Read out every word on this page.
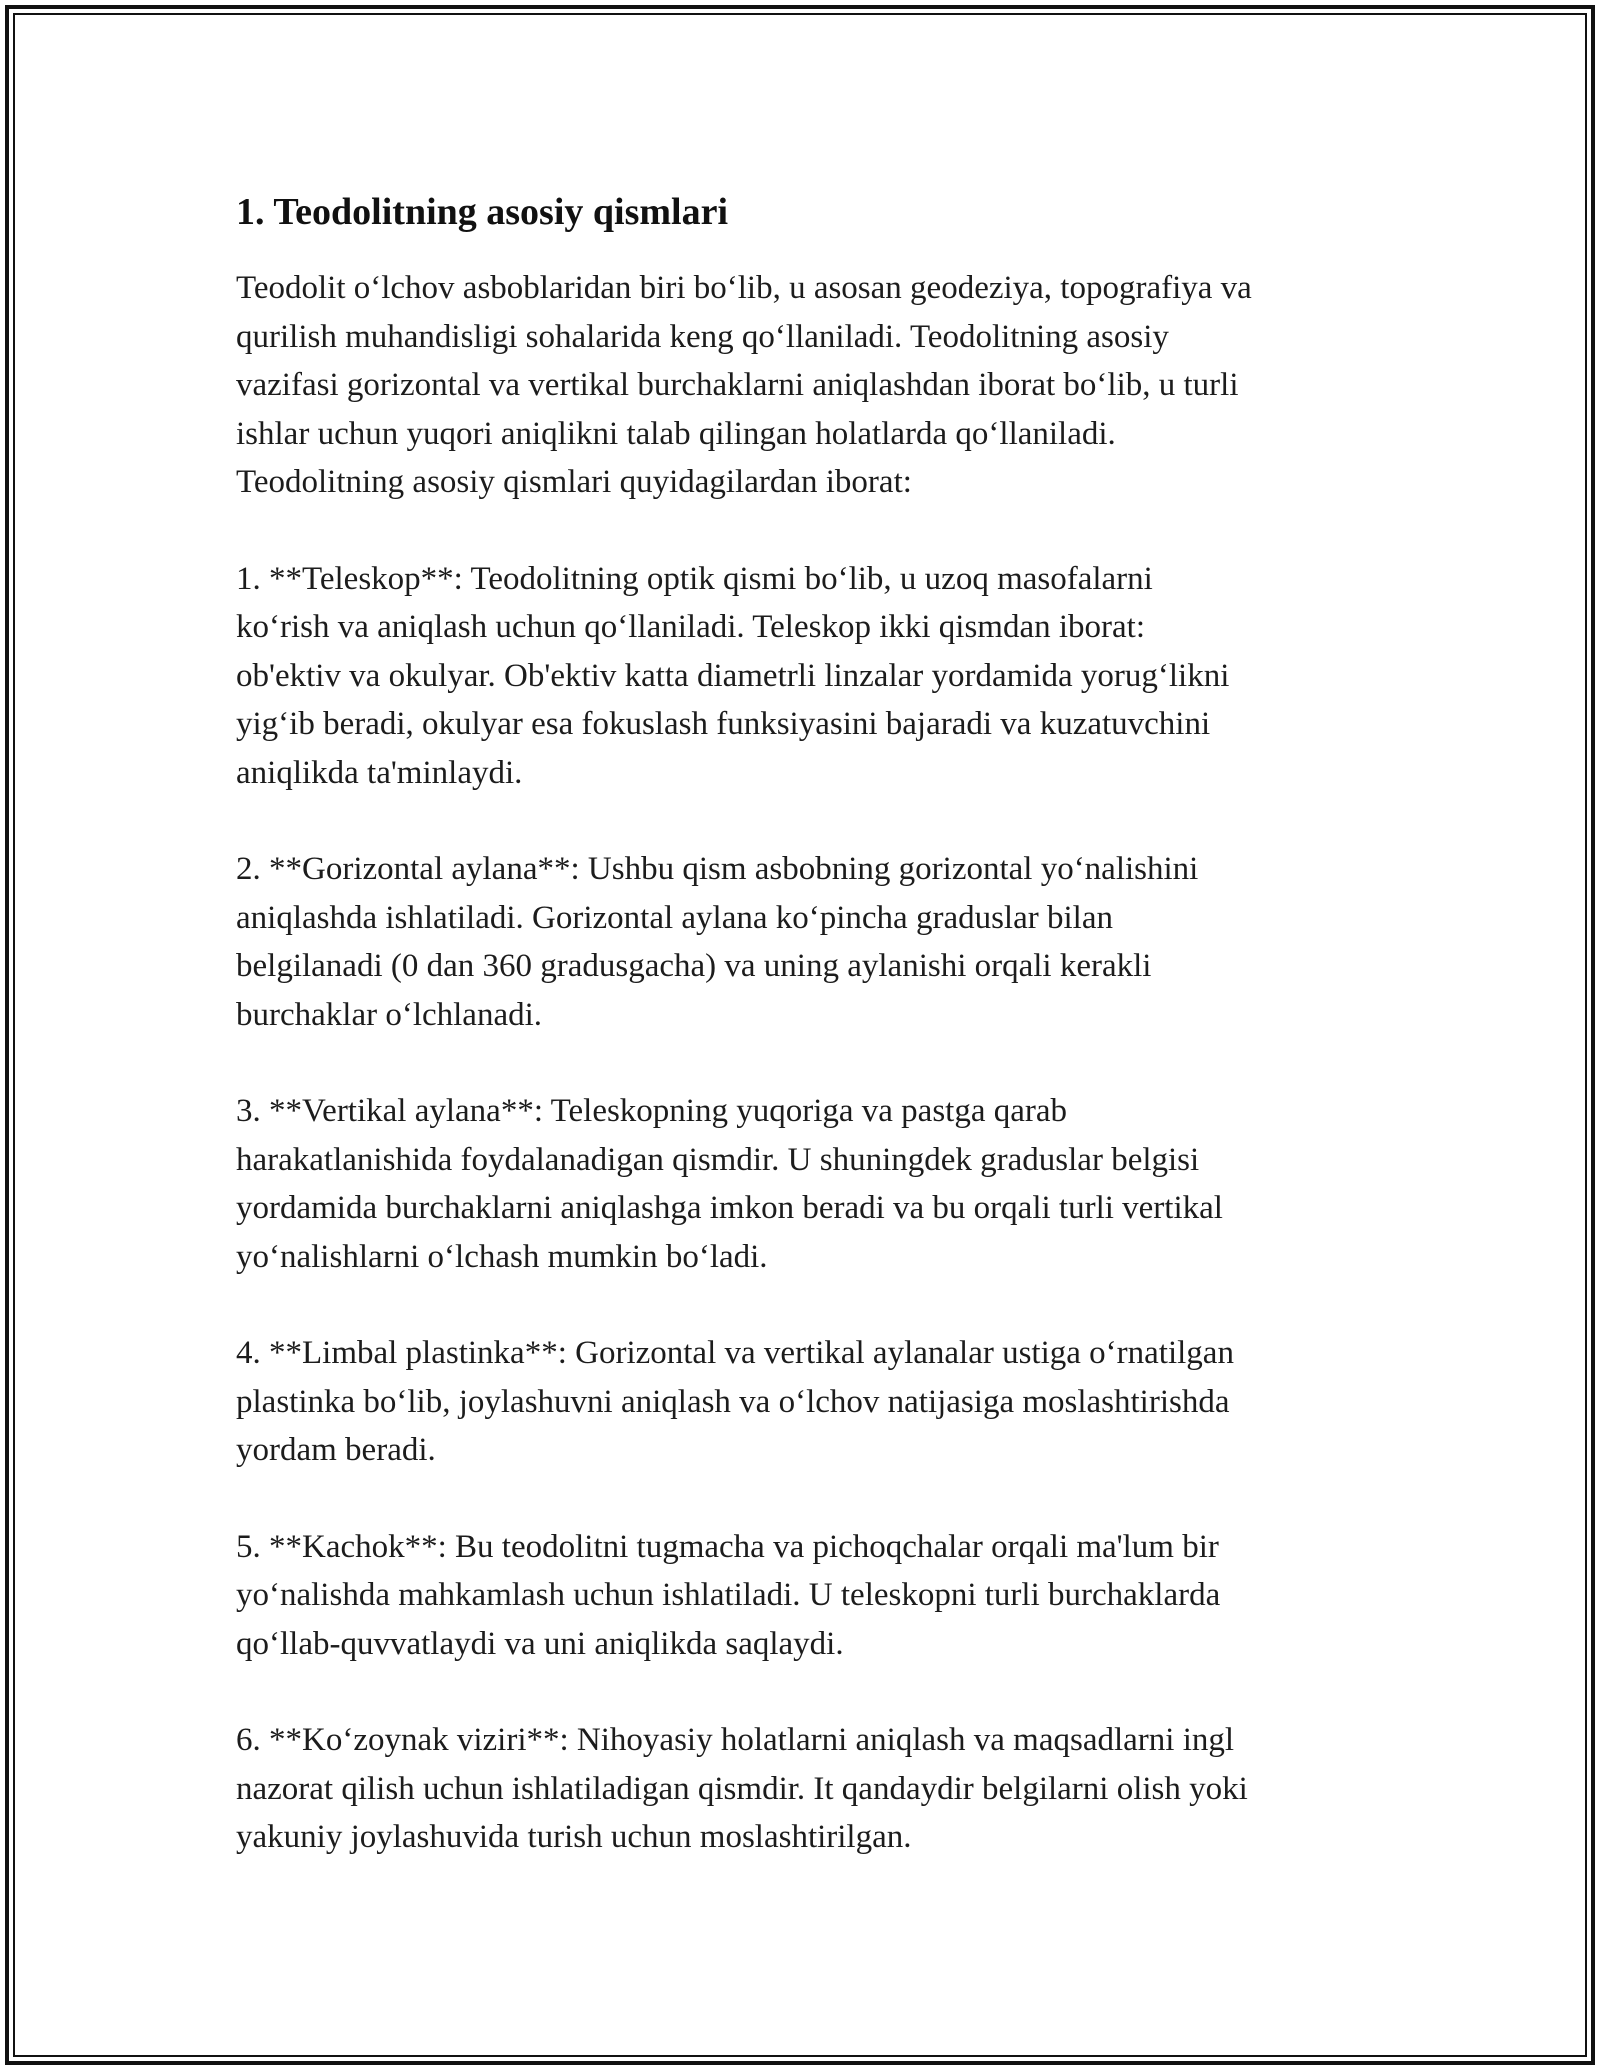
1. Teodolitning asosiy qismlari

Teodolit o‘lchov asboblaridan biri bo‘lib, u asosan geodeziya, topografiya va
qurilish muhandisligi sohalarida keng qo‘llaniladi. Teodolitning asosiy
vazifasi gorizontal va vertikal burchaklarni aniqlashdan iborat bo‘lib, u turli
ishlar uchun yuqori aniqlikni talab qilingan holatlarda qo‘llaniladi.
Teodolitning asosiy qismlari quyidagilardan iborat:

1. **Teleskop**: Teodolitning optik qismi bo‘lib, u uzoq masofalarni
ko‘rish va aniqlash uchun qo‘llaniladi. Teleskop ikki qismdan iborat:
ob'ektiv va okulyar. Ob'ektiv katta diametrli linzalar yordamida yorug‘likni
yig‘ib beradi, okulyar esa fokuslash funksiyasini bajaradi va kuzatuvchini
aniqlikda ta'minlaydi.

2. **Gorizontal aylana**: Ushbu qism asbobning gorizontal yo‘nalishini
aniqlashda ishlatiladi. Gorizontal aylana ko‘pincha graduslar bilan
belgilanadi (0 dan 360 gradusgacha) va uning aylanishi orqali kerakli
burchaklar o‘lchlanadi.

3. **Vertikal aylana**: Teleskopning yuqoriga va pastga qarab
harakatlanishida foydalanadigan qismdir. U shuningdek graduslar belgisi
yordamida burchaklarni aniqlashga imkon beradi va bu orqali turli vertikal
yo‘nalishlarni o‘lchash mumkin bo‘ladi.

4. **Limbal plastinka**: Gorizontal va vertikal aylanalar ustiga o‘rnatilgan
plastinka bo‘lib, joylashuvni aniqlash va o‘lchov natijasiga moslashtirishda
yordam beradi.

5. **Kachok**: Bu teodolitni tugmacha va pichoqchalar orqali ma'lum bir
yo‘nalishda mahkamlash uchun ishlatiladi. U teleskopni turli burchaklarda
qo‘llab-quvvatlaydi va uni aniqlikda saqlaydi.

6. **Ko‘zoynak viziri**: Nihoyasiy holatlarni aniqlash va maqsadlarni ingl
nazorat qilish uchun ishlatiladigan qismdir. It qandaydir belgilarni olish yoki
yakuniy joylashuvida turish uchun moslashtirilgan.
